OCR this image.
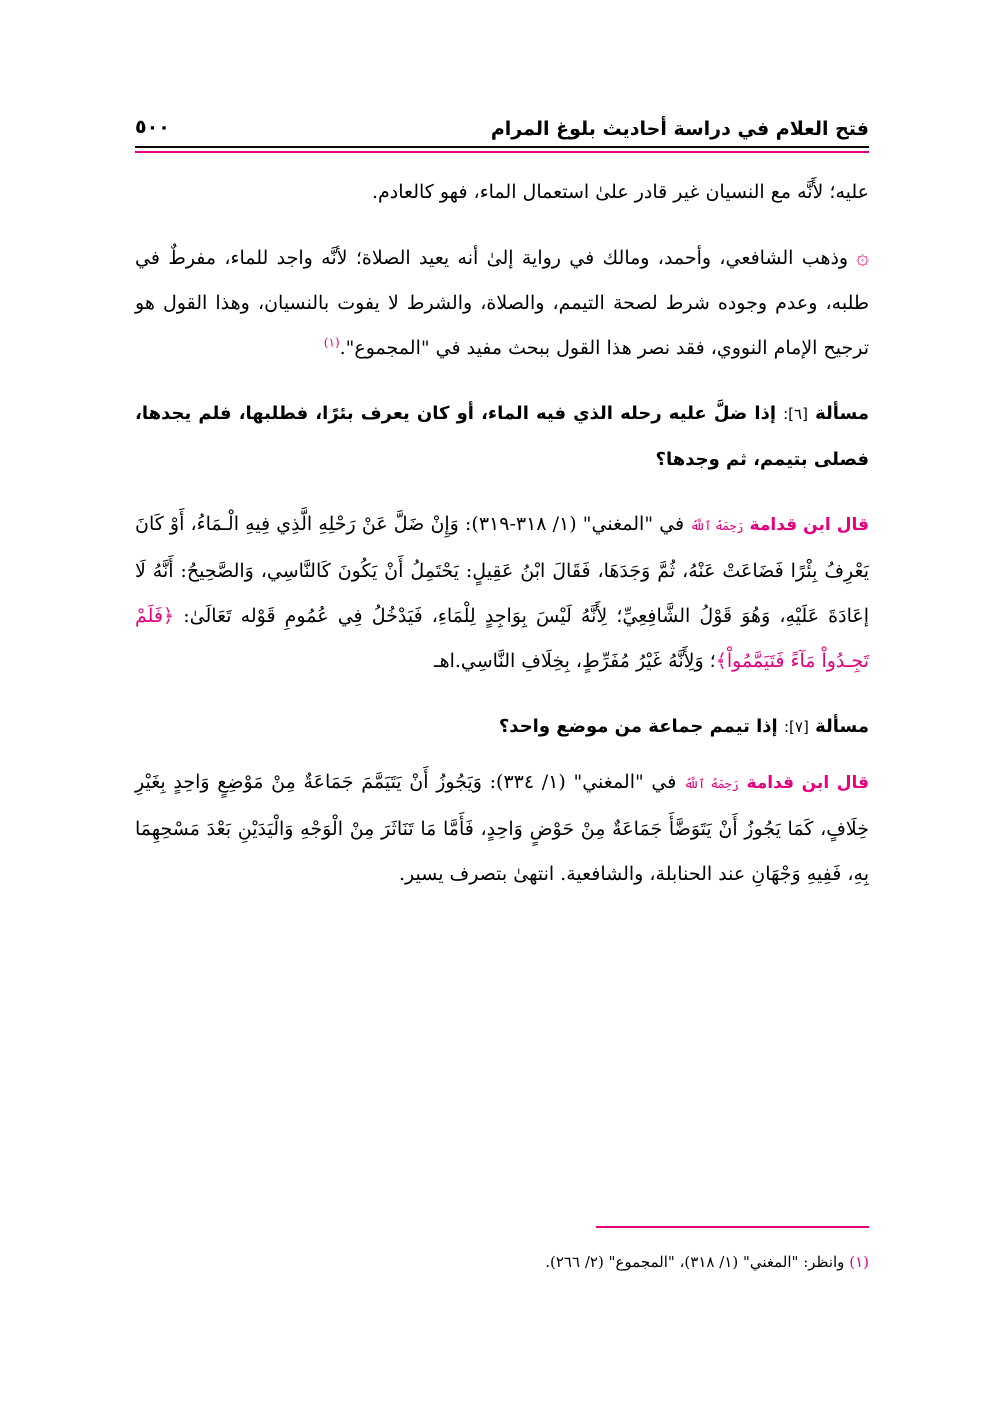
فتح العلام في دراسة أحاديث بلوغ المرام
٥٠٠

عليه؛ لأَنَّه مع النسيان غير قادر علىٰ استعمال الماء، فهو كالعادم.

۞وذهب الشافعي، وأحمد، ومالك في رواية إلىٰ أنه يعيد الصلاة؛ لأنَّه واجد للماء، مفرطٌ في طلبه، وعدم وجوده شرط لصحة التيمم، والصلاة، والشرط لا يفوت بالنسيان، وهذا القول هو ترجيح الإمام النووي، فقد نصر هذا القول ببحث مفيد في "المجموع".$^{(١)}$

مسألة [٦]: إذا ضلَّ عليه رحله الذي فيه الماء، أو كان يعرف بئرًا، فطلبها، فلم يجدها، فصلى بتيمم، ثم وجدها؟

قال ابن قدامة رَحِمَهُ ٱللَّهُ في "المغني" (١/ ٣١٨-٣١٩): وَإِنْ ضَلَّ عَنْ رَحْلِهِ الَّذِي فِيهِ الْـمَاءُ، أَوْ كَانَ يَعْرِفُ بِئْرًا فَضَاعَتْ عَنْهُ، ثُمَّ وَجَدَهَا، فَقَالَ ابْنُ عَقِيلٍ: يَحْتَمِلُ أَنْ يَكُونَ كَالنَّاسِي، وَالصَّحِيحُ: أَنَّهُ لَا إعَادَةَ عَلَيْهِ، وَهُوَ قَوْلُ الشَّافِعِيِّ؛ لِأَنَّهُ لَيْسَ بِوَاجِدٍ لِلْمَاءِ، فَيَدْخُلُ فِي عُمُومِ قَوْله تَعَالَىٰ: ﴿فَلَمْ تَجِـدُواْ مَآءً فَتَيَمَّمُواْ﴾؛ وَلِأَنَّهُ غَيْرُ مُفَرِّطٍ، بِخِلَافِ النَّاسِي.اهـ

مسألة [٧]: إذا تيمم جماعة من موضع واحد؟

قال ابن قدامة رَحِمَهُ ٱللَّهُ في "المغني" (١/ ٣٣٤): وَيَجُوزُ أَنْ يَتَيَمَّمَ جَمَاعَةٌ مِنْ مَوْضِعٍ وَاحِدٍ بِغَيْرِ خِلَافٍ، كَمَا يَجُوزُ أَنْ يَتَوَضَّأَ جَمَاعَةٌ مِنْ حَوْضٍ وَاحِدٍ، فَأَمَّا مَا تَنَاثَرَ مِنْ الْوَجْهِ وَالْيَدَيْنِ بَعْدَ مَسْحِهِمَا بِهِ، فَفِيهِ وَجْهَانِ عند الحنابلة، والشافعية. انتهىٰ بتصرف يسير.

(١) وانظر: "المغني" (١/ ٣١٨)، "المجموع" (٢/ ٢٦٦).
